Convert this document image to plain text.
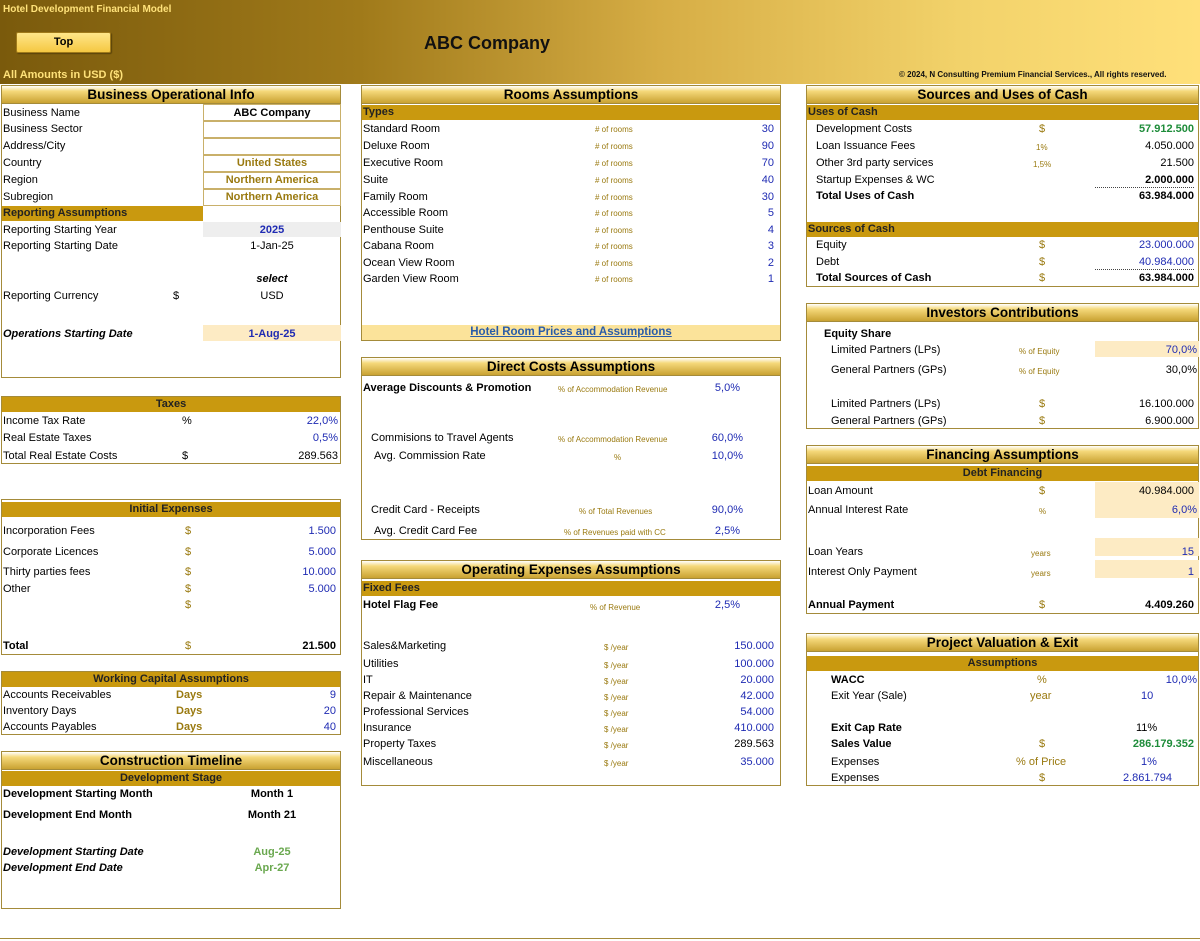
Hotel Development Financial Model
Top	ABC Company
All Amounts in USD ($)	© 2024, N Consulting Premium Financial Services., All rights reserved.
Business Operational Info
Business Name	ABC Company
Business Sector
Address/City
Country	United States
Region	Northern America
Subregion	Northern America
Reporting Assumptions
Reporting Starting Year	2025
Reporting Starting Date	1-Jan-25
select
Reporting Currency	$	USD
Operations Starting Date	1-Aug-25
Taxes
Income Tax Rate	%	22,0%
Real Estate Taxes	0,5%
Total Real Estate Costs	$	289.563
Initial Expenses
Incorporation Fees	$	1.500
Corporate Licences	$	5.000
Thirty parties fees	$	10.000
Other	$	5.000
$
Total	$	21.500
Working Capital Assumptions
Accounts Receivables	Days	9
Inventory Days	Days	20
Accounts Payables	Days	40
Construction Timeline
Development Stage
Development Starting Month	Month 1
Development End Month	Month 21
Development Starting Date	Aug-25
Development End Date	Apr-27
Rooms Assumptions
Types
Standard Room	# of rooms	30
Deluxe Room	# of rooms	90
Executive Room	# of rooms	70
Suite	# of rooms	40
Family Room	# of rooms	30
Accessible Room	# of rooms	5
Penthouse Suite	# of rooms	4
Cabana Room	# of rooms	3
Ocean View Room	# of rooms	2
Garden View Room	# of rooms	1
Hotel Room Prices and Assumptions
Direct Costs Assumptions
Average Discounts & Promotion	% of Accommodation Revenue	5,0%
Commisions to Travel Agents	% of Accommodation Revenue	60,0%
Avg. Commission Rate	%	10,0%
Credit Card - Receipts	% of Total Revenues	90,0%
Avg. Credit Card Fee	% of Revenues paid with CC	2,5%
Operating Expenses Assumptions
Fixed Fees
Hotel Flag Fee	% of Revenue	2,5%
Sales&Marketing	$ /year	150.000
Utilities	$ /year	100.000
IT	$ /year	20.000
Repair & Maintenance	$ /year	42.000
Professional Services	$ /year	54.000
Insurance	$ /year	410.000
Property Taxes	$ /year	289.563
Miscellaneous	$ /year	35.000
Sources and Uses of Cash
Uses of Cash
Development Costs	$	57.912.500
Loan Issuance Fees	1%	4.050.000
Other 3rd party services	1,5%	21.500
Startup Expenses & WC	2.000.000
Total Uses of Cash	63.984.000
Sources of Cash
Equity	$	23.000.000
Debt	$	40.984.000
Total Sources of Cash	$	63.984.000
Investors Contributions
Equity Share
Limited Partners (LPs)	% of Equity	70,0%
General Partners (GPs)	% of Equity	30,0%
Limited Partners (LPs)	$	16.100.000
General Partners (GPs)	$	6.900.000
Financing Assumptions
Debt Financing
Loan Amount	$	40.984.000
Annual Interest Rate	%	6,0%
Loan Years	years	15
Interest Only Payment	years	1
Annual Payment	$	4.409.260
Project Valuation & Exit
Assumptions
WACC	%	10,0%
Exit Year (Sale)	year	10
Exit Cap Rate	11%
Sales Value	$	286.179.352
Expenses	% of Price	1%
Expenses	$	2.861.794
